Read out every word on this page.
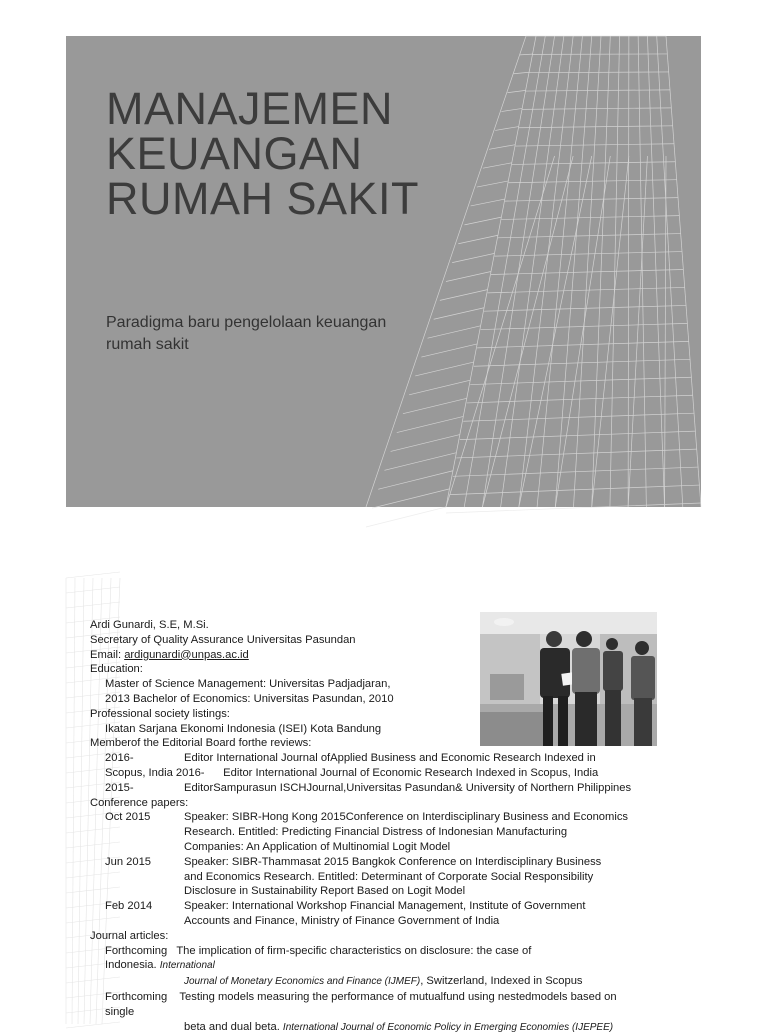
MANAJEMEN
KEUANGAN
RUMAH SAKIT

Paradigma baru pengelolaan keuangan
rumah sakit

Ardi Gunardi, S.E, M.Si.
Secretary of Quality Assurance Universitas Pasundan
Email: ardigunardi@unpas.ac.id
Education:
Master of Science Management: Universitas Padjadjaran,
2013 Bachelor of Economics: Universitas Pasundan, 2010
Professional society listings:
Ikatan Sarjana Ekonomi Indonesia (ISEI) Kota Bandung
Memberof the Editorial Board forthe reviews:
2016-	Editor International Journal ofApplied Business and Economic Research Indexed in
Scopus, India 2016-      Editor International Journal of Economic Research Indexed in Scopus, India
2015-	EditorSampurasun ISCHJournal,Universitas Pasundan& University of Northern Philippines
Conference papers:
Oct 2015	Speaker: SIBR-Hong Kong 2015Conference on Interdisciplinary Business and Economics
Research. Entitled: Predicting Financial Distress of Indonesian Manufacturing
Companies: An Application of Multinomial Logit Model
Jun 2015	Speaker: SIBR-Thammasat 2015 Bangkok Conference on Interdisciplinary Business
and Economics Research. Entitled: Determinant of Corporate Social Responsibility
Disclosure in Sustainability Report Based on Logit Model
Feb 2014	Speaker: International Workshop Financial Management, Institute of Government
Accounts and Finance, Ministry of Finance Government of India
Journal articles:
Forthcoming The implication of firm-specific characteristics on disclosure: the case of
Indonesia. International
Journal of Monetary Economics and Finance (IJMEF), Switzerland, Indexed in Scopus
Forthcoming Testing models measuring the performance of mutualfund using nestedmodels based on
single
beta and dual beta. International Journal of Economic Policy in Emerging Economies (IJEPEE)
